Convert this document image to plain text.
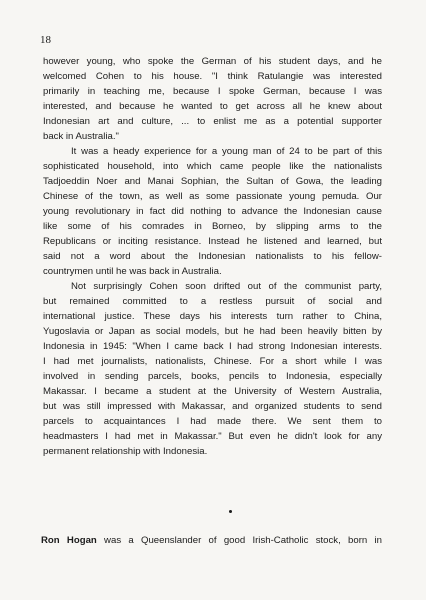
18
however young, who spoke the German of his student days, and he
welcomed Cohen to his house. "I think Ratulangie was interested
primarily in teaching me, because I spoke German, because I was
interested, and because he wanted to get across all he knew about
Indonesian art and culture, ... to enlist me as a potential supporter
back in Australia."
It was a heady experience for a young man of 24 to be part of this
sophisticated household, into which came people like the nationalists
Tadjoeddin Noer and Manai Sophian, the Sultan of Gowa, the leading
Chinese of the town, as well as some passionate young pemuda. Our
young revolutionary in fact did nothing to advance the Indonesian cause
like some of his comrades in Borneo, by slipping arms to the
Republicans or inciting resistance. Instead he listened and learned, but
said not a word about the Indonesian nationalists to his fellow-
countrymen until he was back in Australia.
Not surprisingly Cohen soon drifted out of the communist party,
but remained committed to a restless pursuit of social and
international justice. These days his interests turn rather to China,
Yugoslavia or Japan as social models, but he had been heavily bitten by
Indonesia in 1945: "When I came back I had strong Indonesian interests.
I had met journalists, nationalists, Chinese. For a short while I was
involved in sending parcels, books, pencils to Indonesia, especially
Makassar. I became a student at the University of Western Australia,
but was still impressed with Makassar, and organized students to send
parcels to acquaintances I had made there. We sent them to
headmasters I had met in Makassar." But even he didn't look for any
permanent relationship with Indonesia.
Ron Hogan was a Queenslander of good Irish-Catholic stock, born in
